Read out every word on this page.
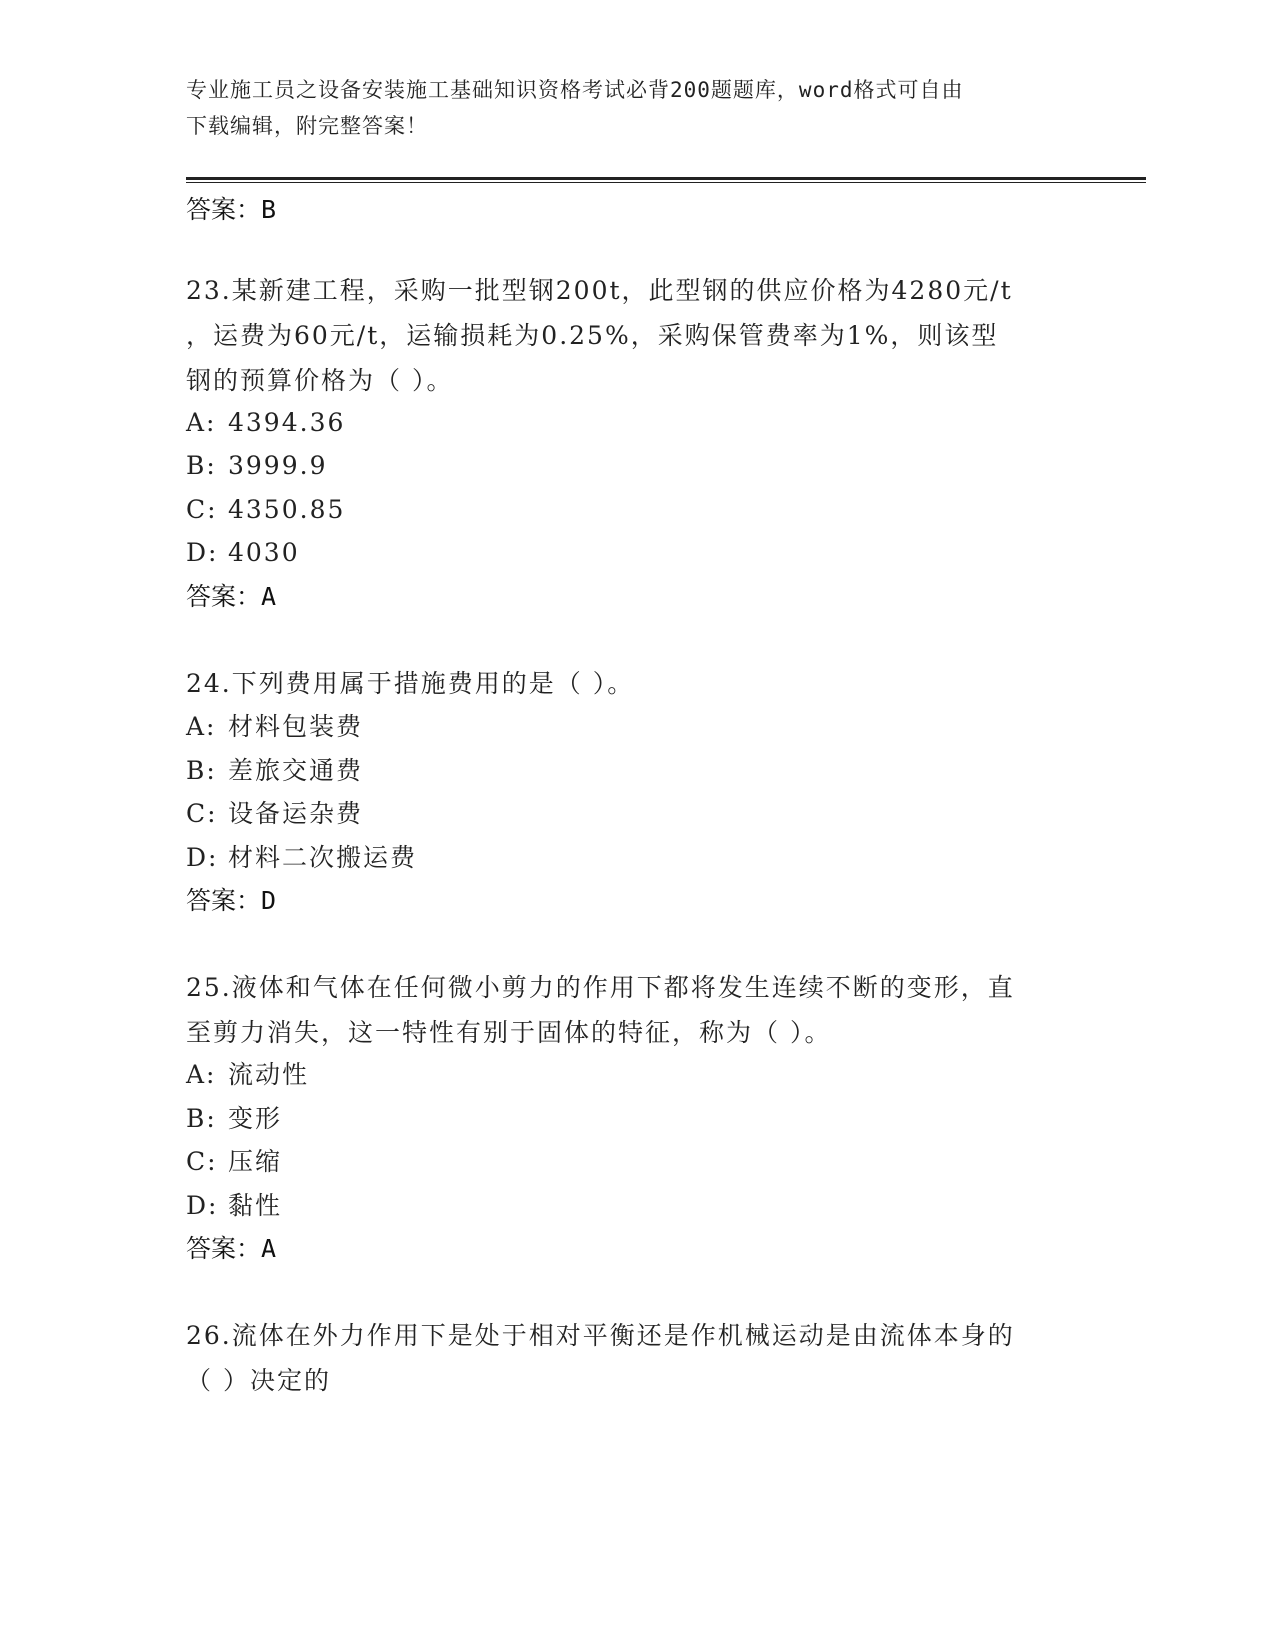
专业施工员之设备安装施工基础知识资格考试必背200题题库，word格式可自由
下载编辑，附完整答案！
答案：B
23.某新建工程，采购一批型钢200t，此型钢的供应价格为4280元/t
，运费为60元/t，运输损耗为0.25%，采购保管费率为1%，则该型
钢的预算价格为（ ）。
A: 4394.36
B: 3999.9
C: 4350.85
D: 4030
答案：A
24.下列费用属于措施费用的是（ ）。
A: 材料包装费
B: 差旅交通费
C: 设备运杂费
D: 材料二次搬运费
答案：D
25.液体和气体在任何微小剪力的作用下都将发生连续不断的变形，直
至剪力消失，这一特性有别于固体的特征，称为（ ）。
A: 流动性
B: 变形
C: 压缩
D: 黏性
答案：A
26.流体在外力作用下是处于相对平衡还是作机械运动是由流体本身的
（ ）决定的
